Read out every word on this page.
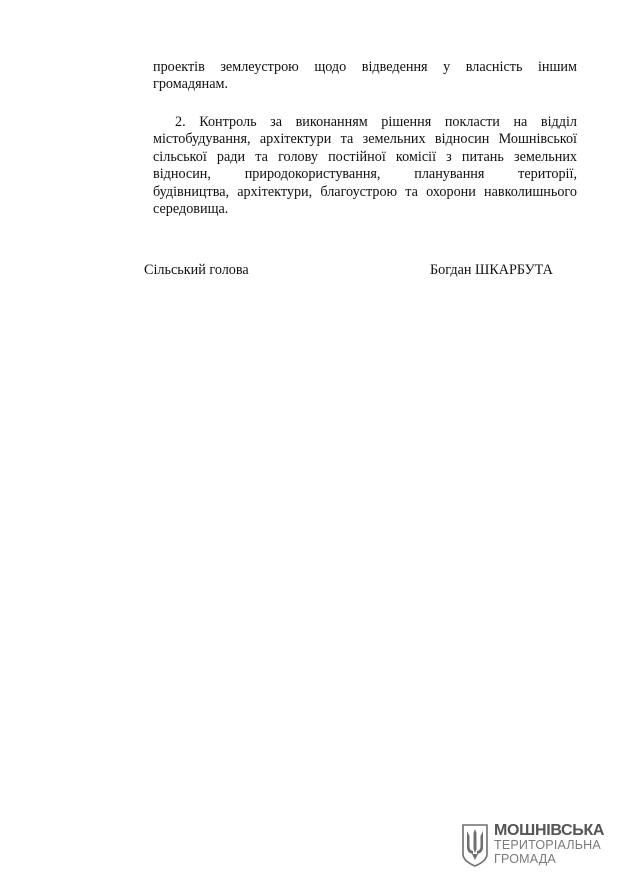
проектів землеустрою щодо відведення у власність іншим
громадянам.
2. Контроль за виконанням рішення покласти на відділ
містобудування, архітектури та земельних відносин Мошнівської
сільської ради та голову постійної комісії з питань земельних
відносин, природокористування, планування території,
будівництва, архітектури, благоустрою та охорони навколишнього
середовища.

Сільський голова	Богдан ШКАРБУТА

МОШНІВСЬКА
ТЕРИТОРІАЛЬНА
ГРОМАДА
